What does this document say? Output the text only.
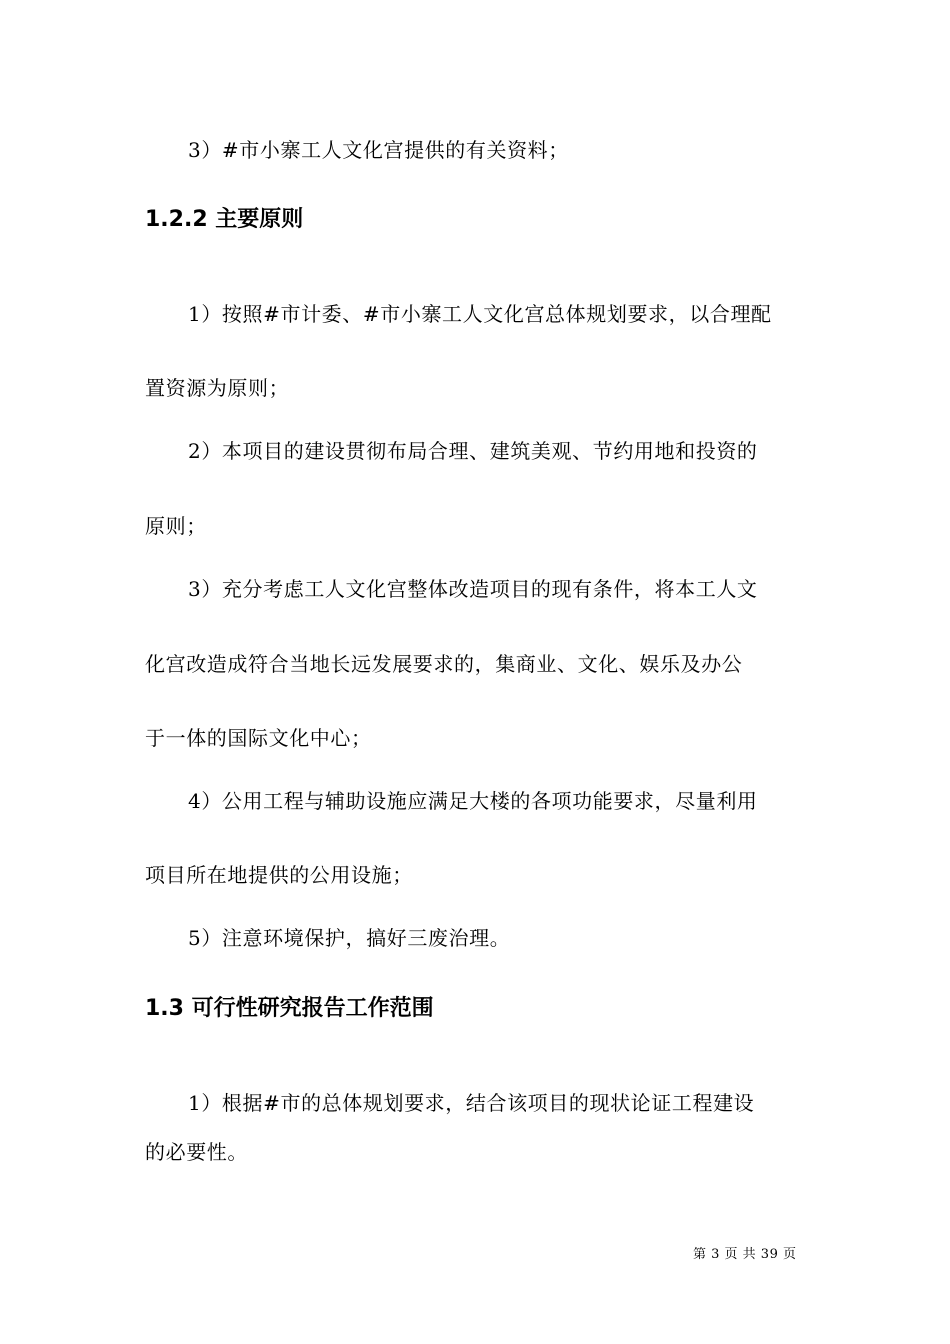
3）#市小寨工人文化宫提供的有关资料；
1.2.2 主要原则
1）按照#市计委、#市小寨工人文化宫总体规划要求，以合理配
置资源为原则；
2）本项目的建设贯彻布局合理、建筑美观、节约用地和投资的
原则；
3）充分考虑工人文化宫整体改造项目的现有条件，将本工人文
化宫改造成符合当地长远发展要求的，集商业、文化、娱乐及办公
于一体的国际文化中心；
4）公用工程与辅助设施应满足大楼的各项功能要求，尽量利用
项目所在地提供的公用设施；
5）注意环境保护，搞好三废治理。
1.3 可行性研究报告工作范围
1）根据#市的总体规划要求，结合该项目的现状论证工程建设
的必要性。
第 3 页 共 39 页
